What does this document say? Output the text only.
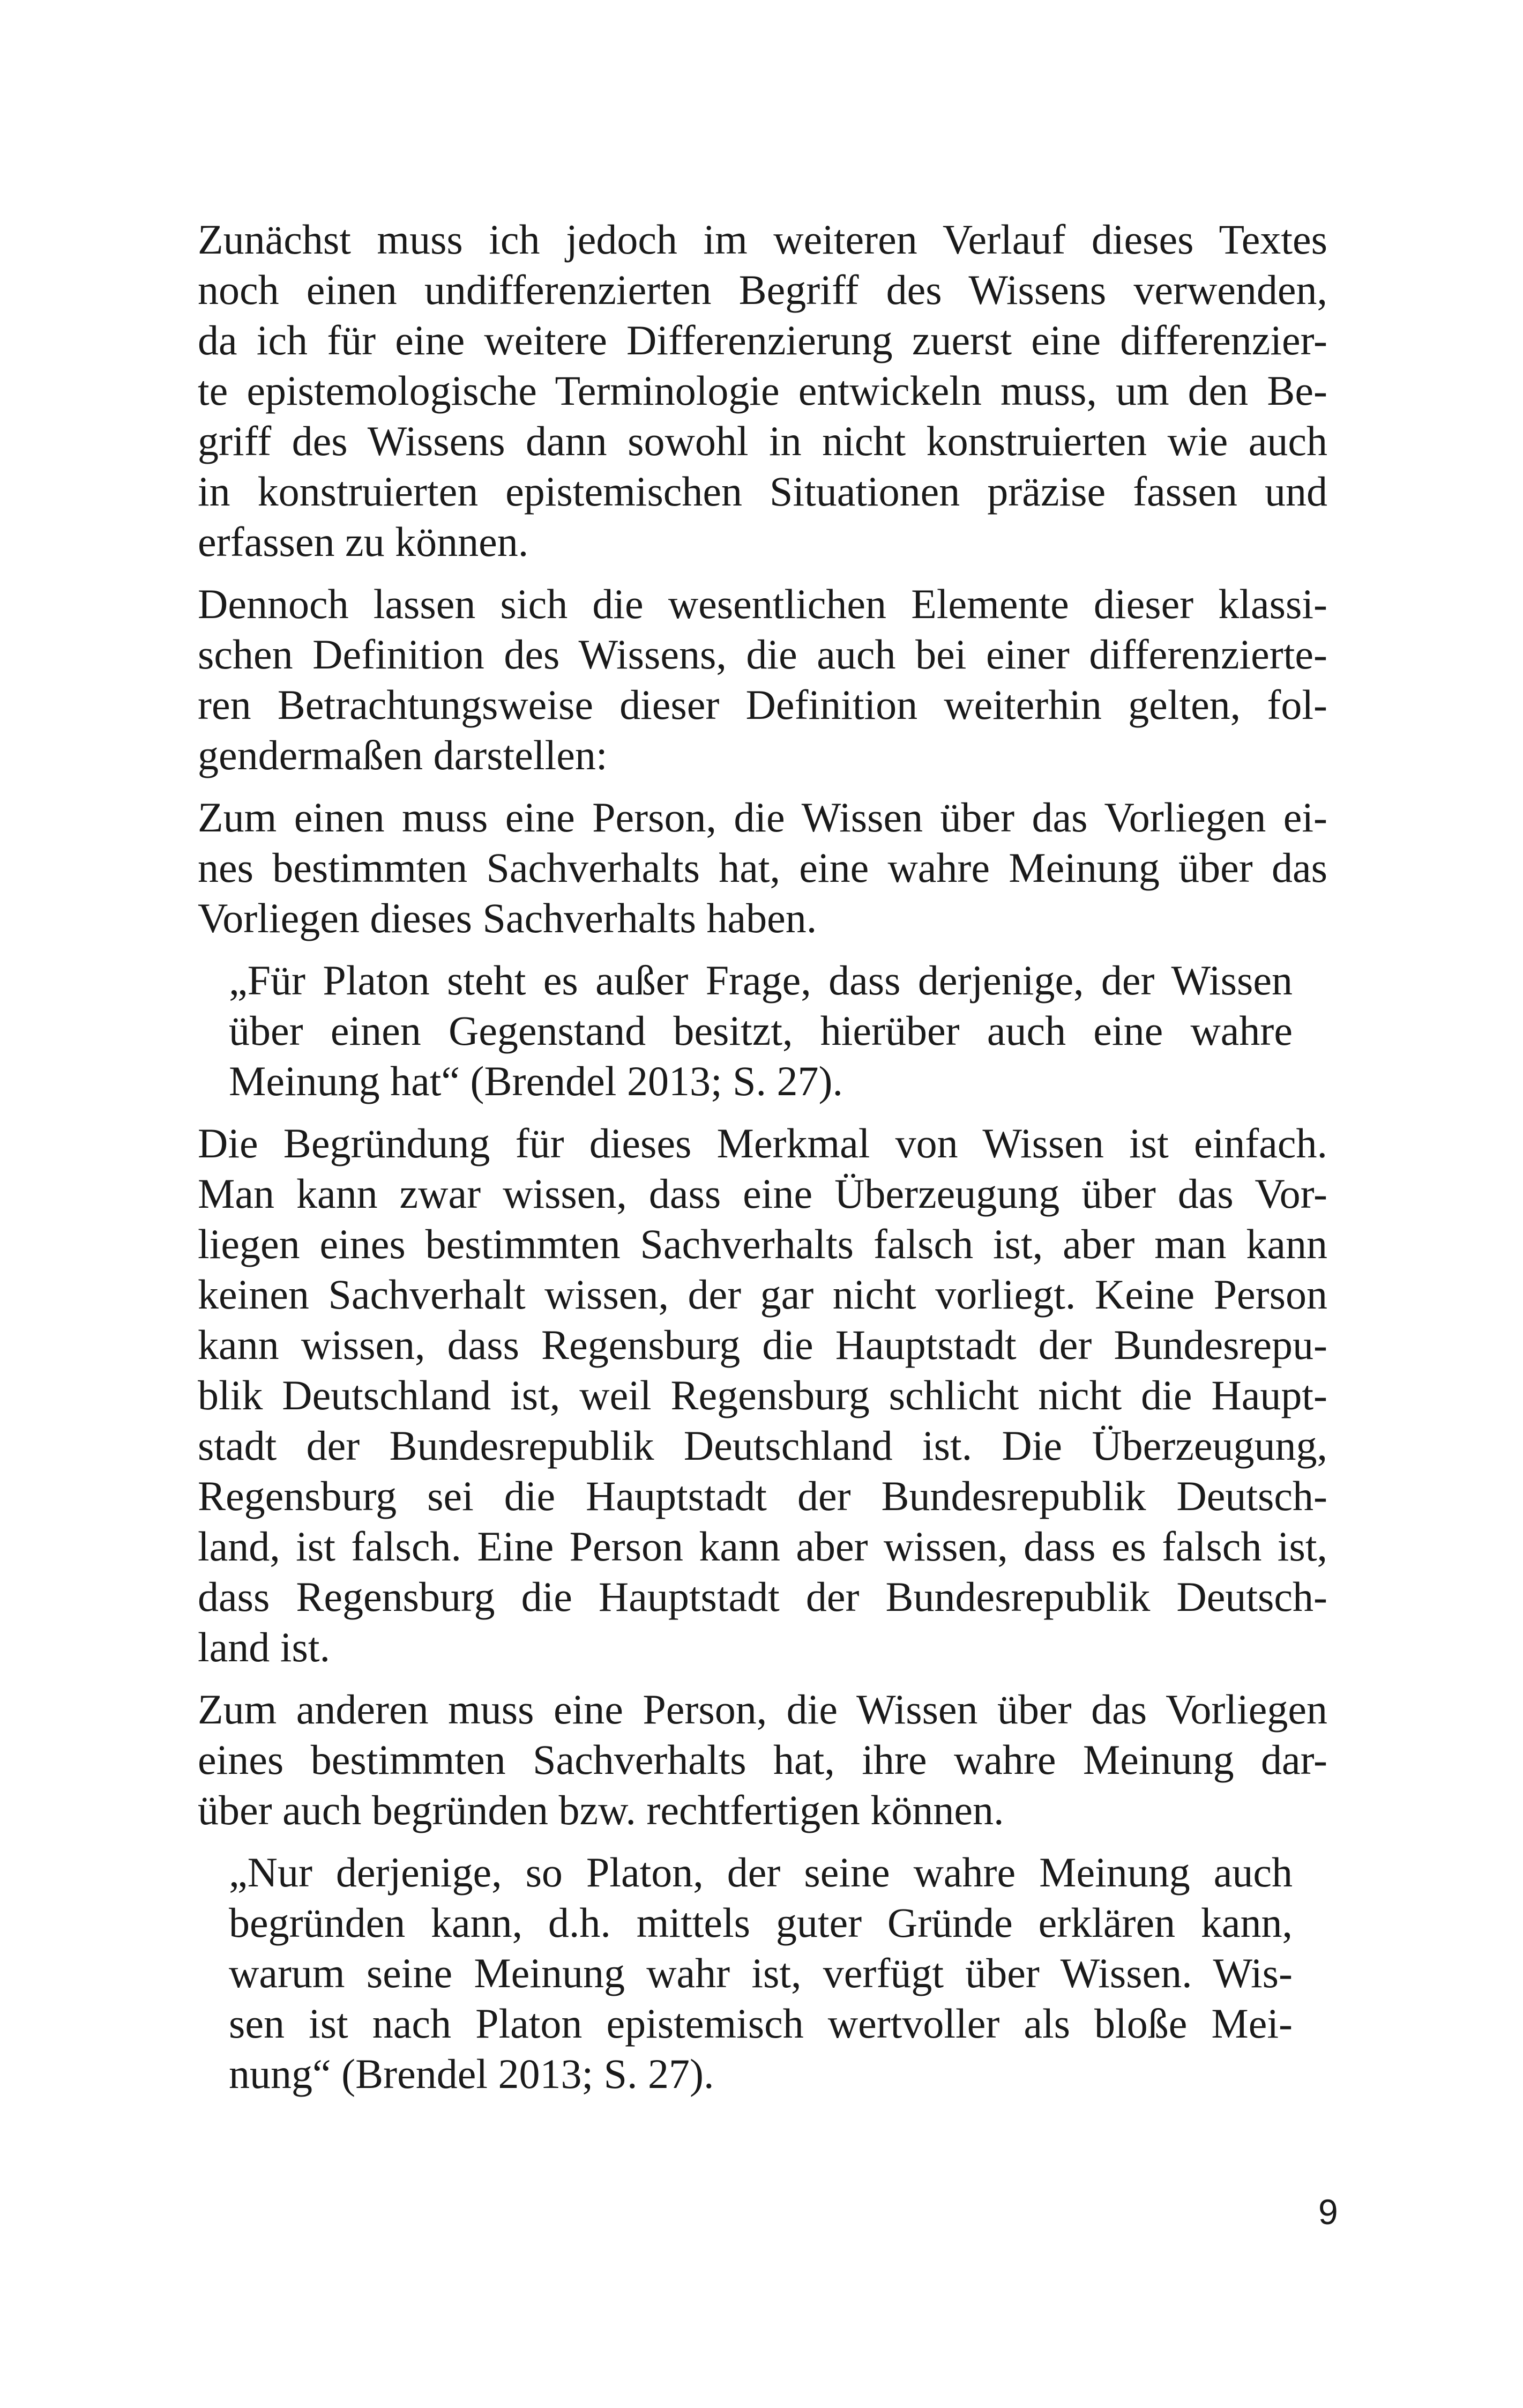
Zunächst muss ich jedoch im weiteren Verlauf dieses Textes
noch einen undifferenzierten Begriff des Wissens verwenden,
da ich für eine weitere Differenzierung zuerst eine differenzier-
te epistemologische Terminologie entwickeln muss, um den Be-
griff des Wissens dann sowohl in nicht konstruierten wie auch
in konstruierten epistemischen Situationen präzise fassen und
erfassen zu können.
Dennoch lassen sich die wesentlichen Elemente dieser klassi-
schen Definition des Wissens, die auch bei einer differenzierte-
ren Betrachtungsweise dieser Definition weiterhin gelten, fol-
gendermaßen darstellen:
Zum einen muss eine Person, die Wissen über das Vorliegen ei-
nes bestimmten Sachverhalts hat, eine wahre Meinung über das
Vorliegen dieses Sachverhalts haben.
„Für Platon steht es außer Frage, dass derjenige, der Wissen
über einen Gegenstand besitzt, hierüber auch eine wahre
Meinung hat“ (Brendel 2013; S. 27).
Die Begründung für dieses Merkmal von Wissen ist einfach.
Man kann zwar wissen, dass eine Überzeugung über das Vor-
liegen eines bestimmten Sachverhalts falsch ist, aber man kann
keinen Sachverhalt wissen, der gar nicht vorliegt. Keine Person
kann wissen, dass Regensburg die Hauptstadt der Bundesrepu-
blik Deutschland ist, weil Regensburg schlicht nicht die Haupt-
stadt der Bundesrepublik Deutschland ist. Die Überzeugung,
Regensburg sei die Hauptstadt der Bundesrepublik Deutsch-
land, ist falsch. Eine Person kann aber wissen, dass es falsch ist,
dass Regensburg die Hauptstadt der Bundesrepublik Deutsch-
land ist.
Zum anderen muss eine Person, die Wissen über das Vorliegen
eines bestimmten Sachverhalts hat, ihre wahre Meinung dar-
über auch begründen bzw. rechtfertigen können.
„Nur derjenige, so Platon, der seine wahre Meinung auch
begründen kann, d.h. mittels guter Gründe erklären kann,
warum seine Meinung wahr ist, verfügt über Wissen. Wis-
sen ist nach Platon epistemisch wertvoller als bloße Mei-
nung“ (Brendel 2013; S. 27).
9
